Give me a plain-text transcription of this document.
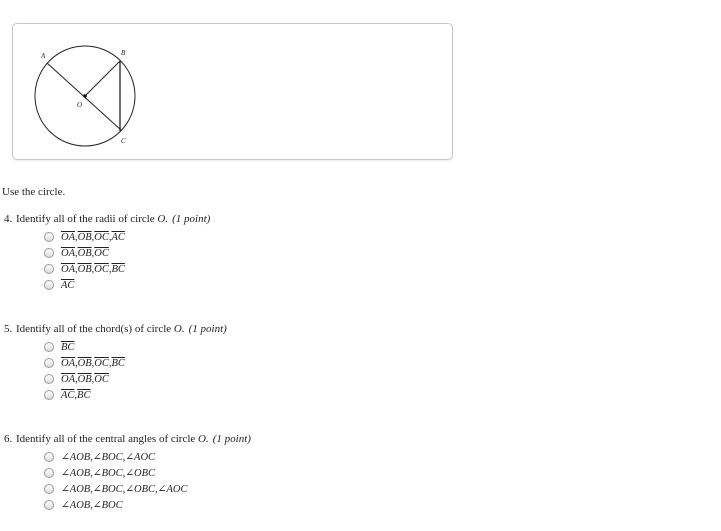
A	B
C
O
Use the circle.
4. Identify all of the radii of circle O. (1 point)
$\overline{OA},\overline{OB},\overline{OC},\overline{AC}$
$\overline{OA},\overline{OB},\overline{OC}$
$\overline{OA},\overline{OB},\overline{OC},\overline{BC}$
$\overline{AC}$
5. Identify all of the chord(s) of circle O. (1 point)
$\overline{BC}$
$\overline{OA},\overline{OB},\overline{OC},\overline{BC}$
$\overline{OA},\overline{OB},\overline{OC}$
$\overline{AC},\overline{BC}$
6. Identify all of the central angles of circle O. (1 point)
∠AOB,∠BOC,∠AOC
∠AOB,∠BOC,∠OBC
∠AOB,∠BOC,∠OBC,∠AOC
∠AOB,∠BOC
